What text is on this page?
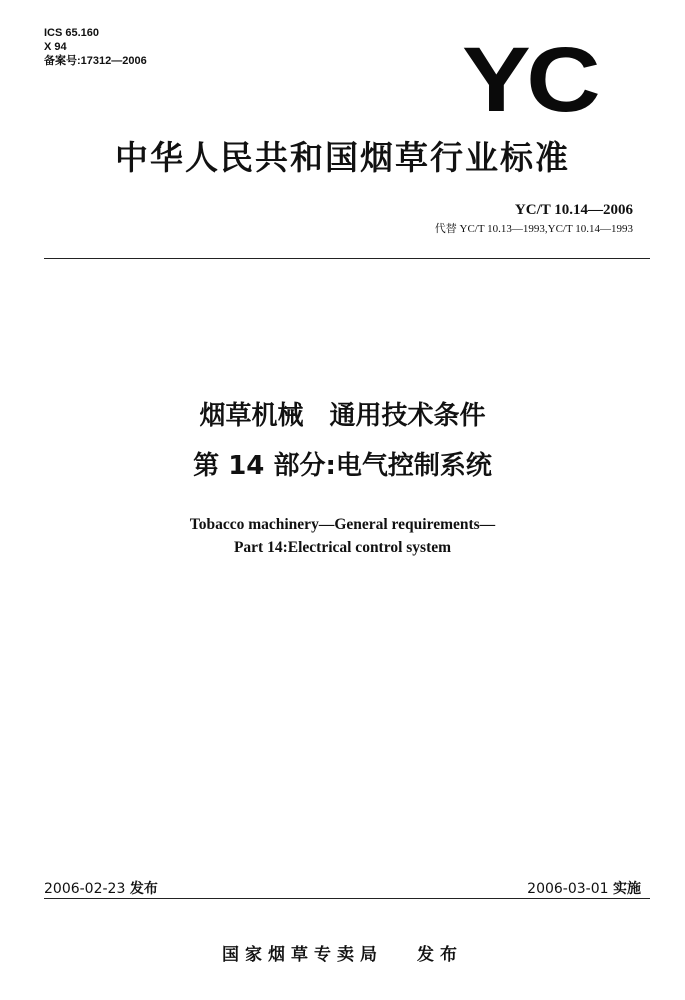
ICS 65.160
X 94
备案号:17312—2006	YC
中华人民共和国烟草行业标准
YC/T 10.14—2006
代替 YC/T 10.13—1993,YC/T 10.14—1993
烟草机械　通用技术条件
第 14 部分:电气控制系统
Tobacco machinery—General requirements—
Part 14:Electrical control system
2006-02-23 发布	2006-03-01 实施
国家烟草专卖局 发布
